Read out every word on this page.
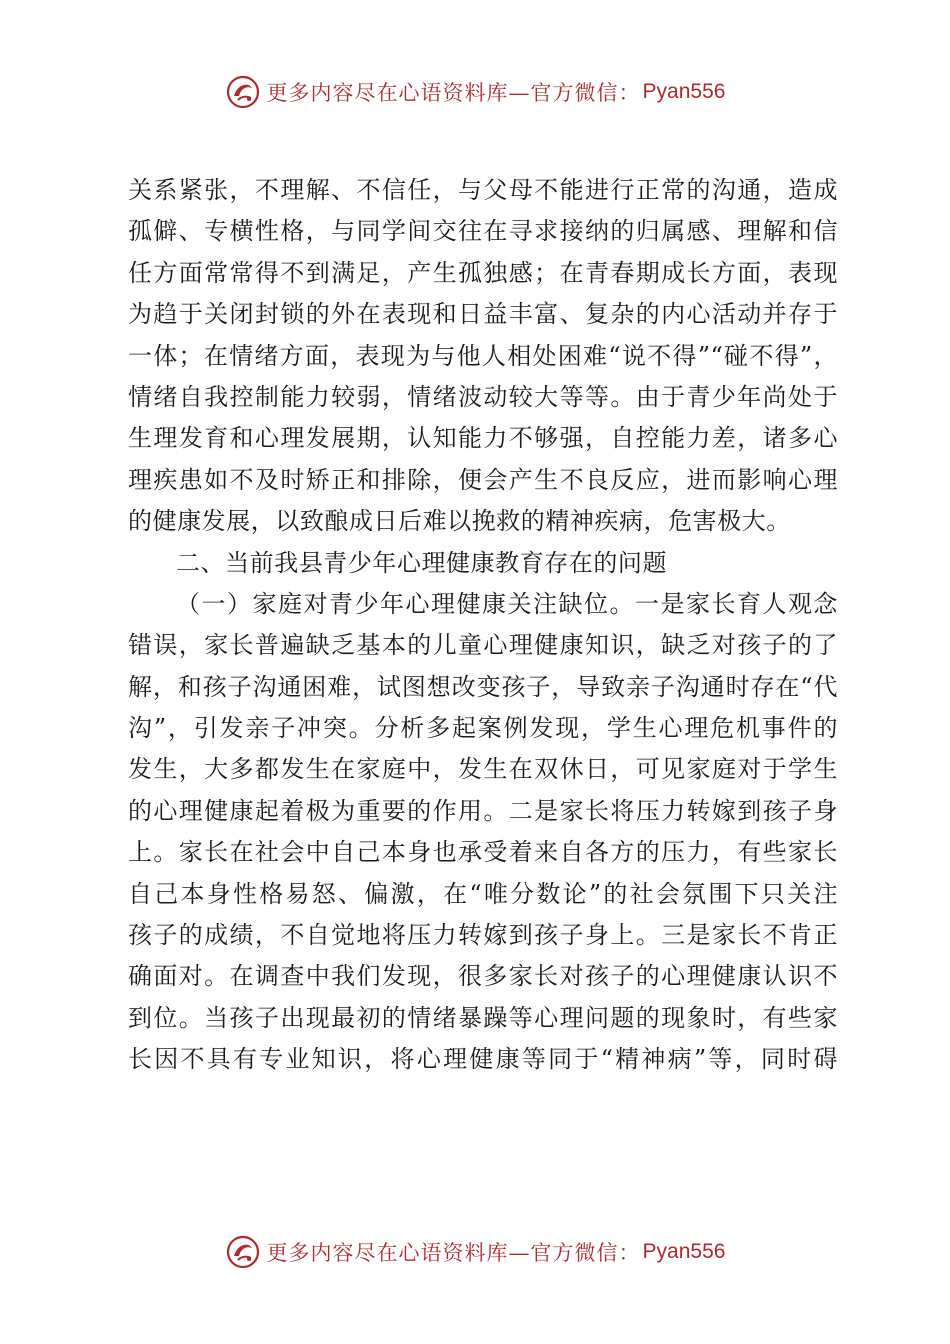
更多内容尽在心语资料库—官方微信： Pyan556
关系紧张，不理解、不信任，与父母不能进行正常的沟通，造成
孤僻、专横性格，与同学间交往在寻求接纳的归属感、理解和信
任方面常常得不到满足，产生孤独感；在青春期成长方面，表现
为趋于关闭封锁的外在表现和日益丰富、复杂的内心活动并存于
一体；在情绪方面，表现为与他人相处困难“说不得”“碰不得”，
情绪自我控制能力较弱，情绪波动较大等等。由于青少年尚处于
生理发育和心理发展期，认知能力不够强，自控能力差，诸多心
理疾患如不及时矫正和排除，便会产生不良反应，进而影响心理
的健康发展，以致酿成日后难以挽救的精神疾病，危害极大。
二、当前我县青少年心理健康教育存在的问题
（一）家庭对青少年心理健康关注缺位。一是家长育人观念
错误，家长普遍缺乏基本的儿童心理健康知识，缺乏对孩子的了
解，和孩子沟通困难，试图想改变孩子，导致亲子沟通时存在“代
沟”，引发亲子冲突。分析多起案例发现，学生心理危机事件的
发生，大多都发生在家庭中，发生在双休日，可见家庭对于学生
的心理健康起着极为重要的作用。二是家长将压力转嫁到孩子身
上。家长在社会中自己本身也承受着来自各方的压力，有些家长
自己本身性格易怒、偏激，在“唯分数论”的社会氛围下只关注
孩子的成绩，不自觉地将压力转嫁到孩子身上。三是家长不肯正
确面对。在调查中我们发现，很多家长对孩子的心理健康认识不
到位。当孩子出现最初的情绪暴躁等心理问题的现象时，有些家
长因不具有专业知识，将心理健康等同于“精神病”等，同时碍
更多内容尽在心语资料库—官方微信： Pyan556
